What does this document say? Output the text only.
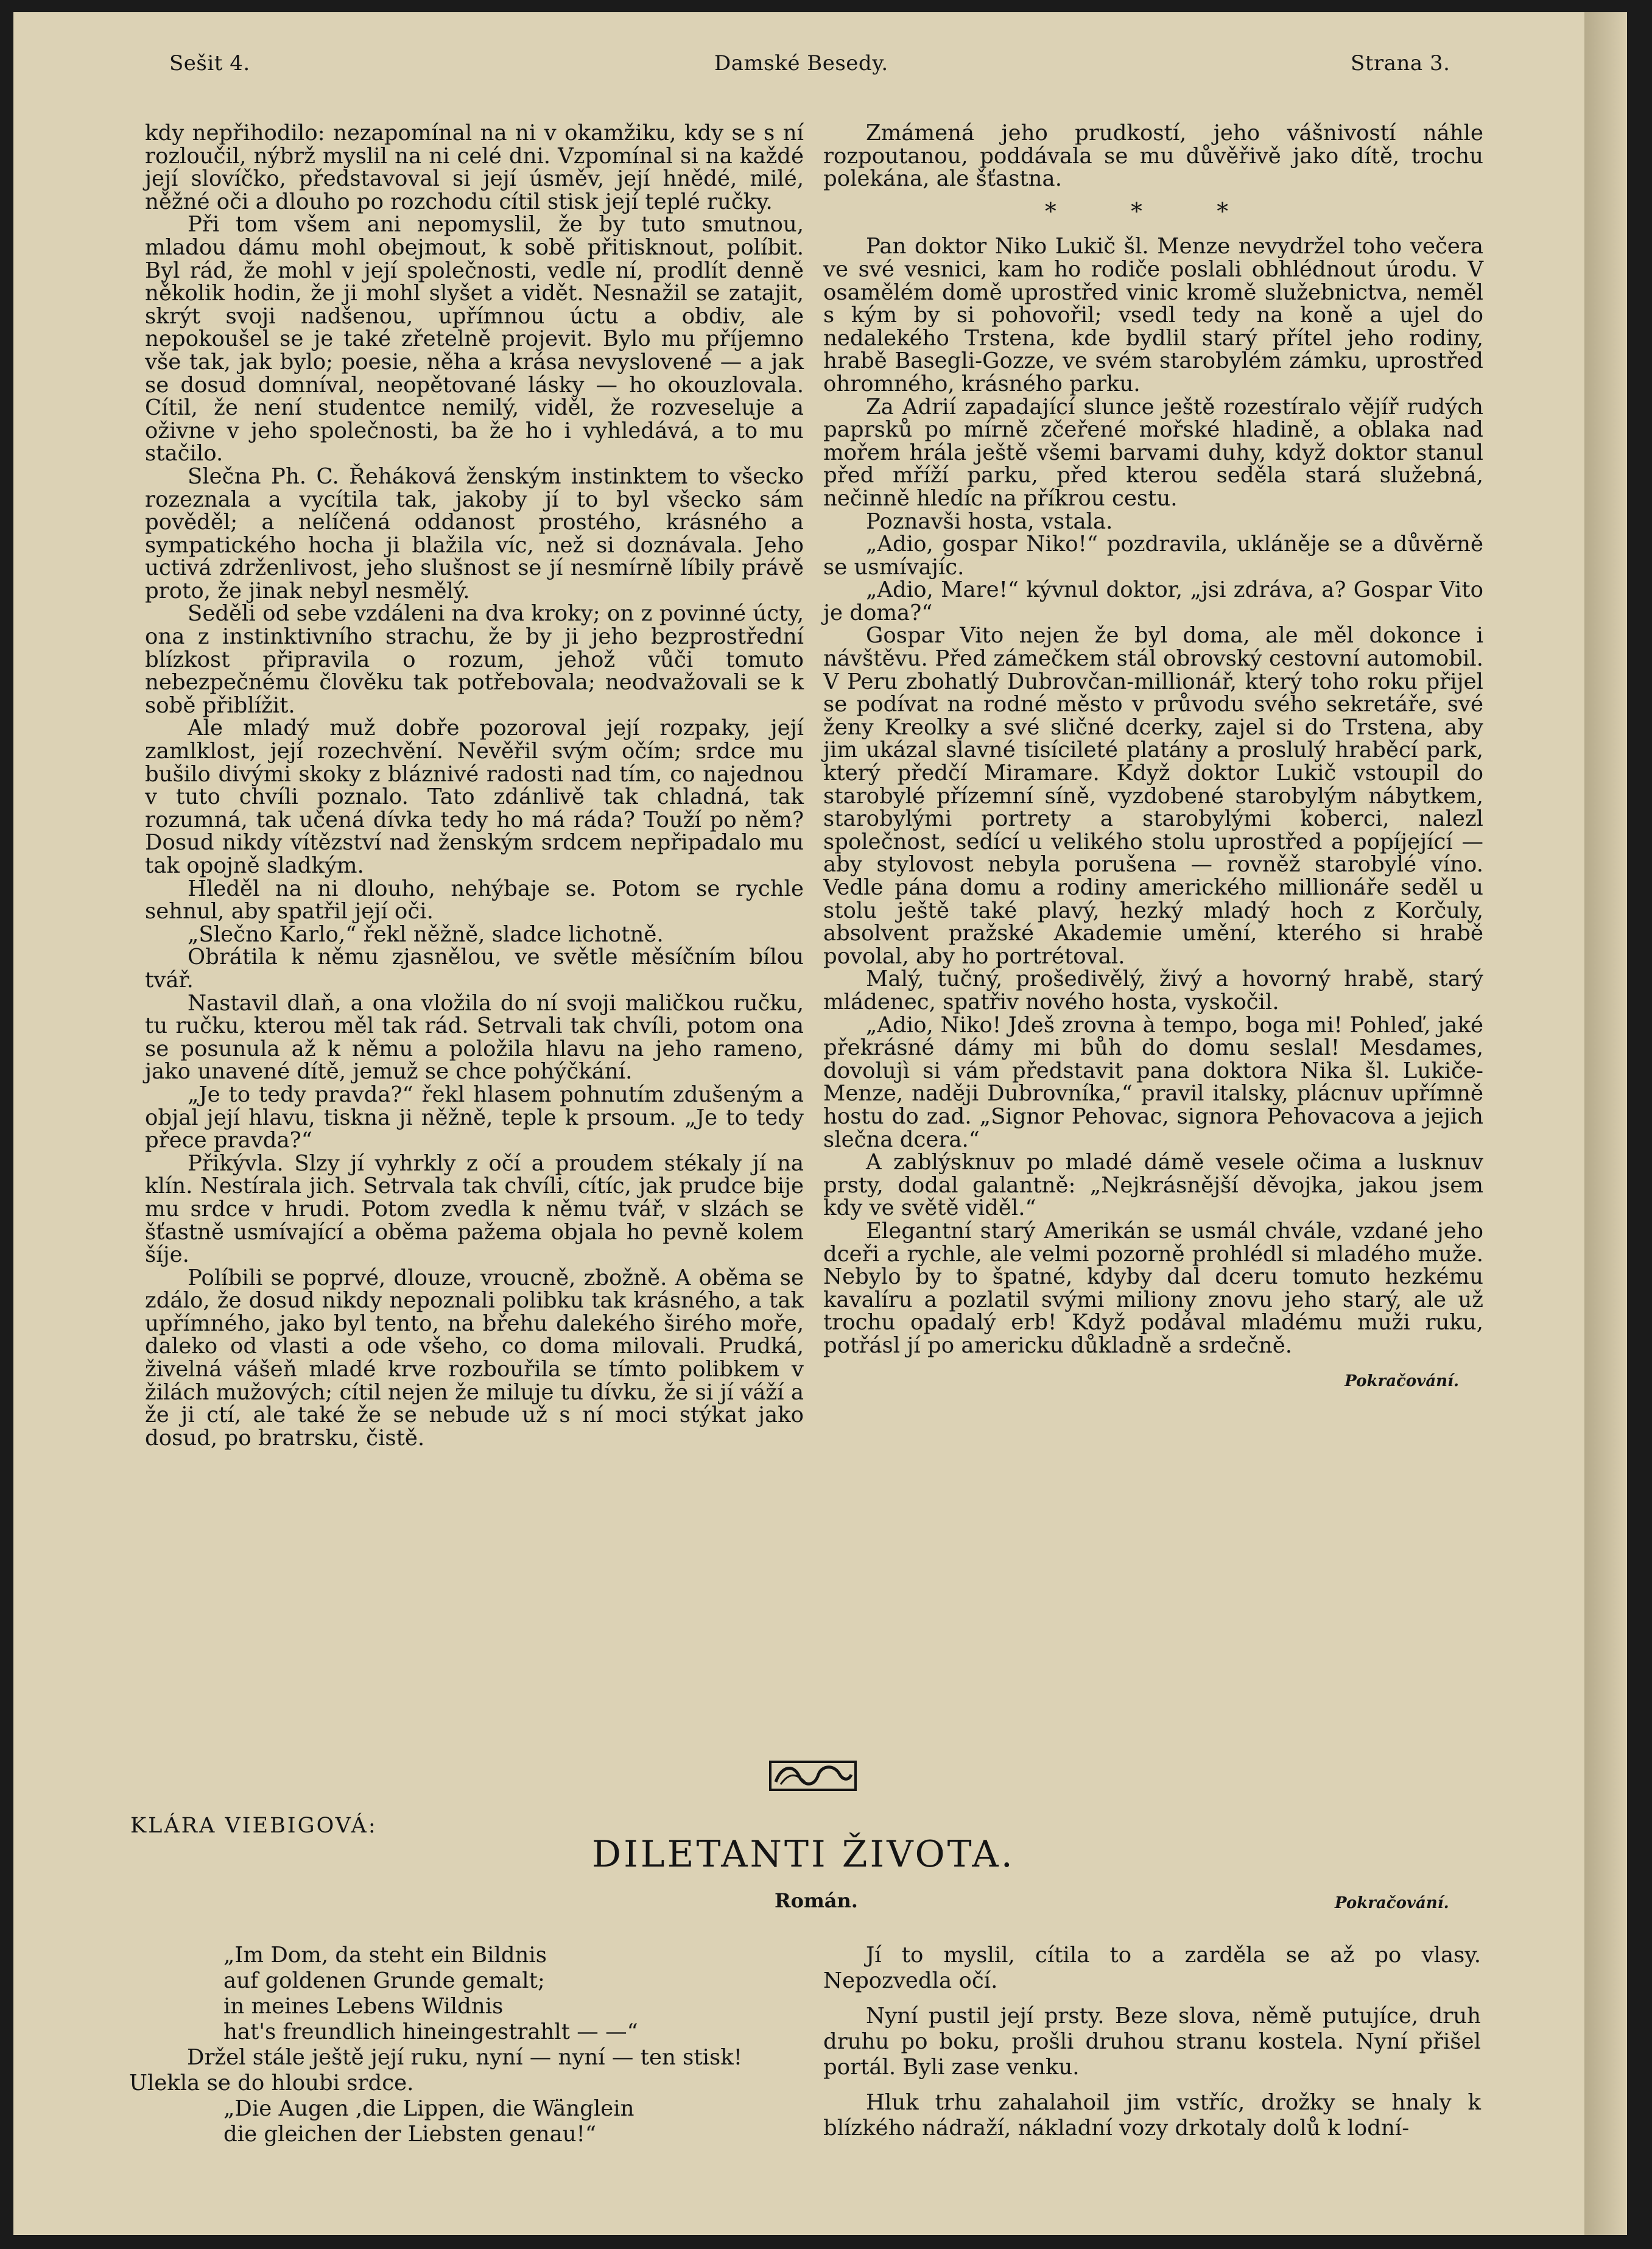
Sešit 4.	Damské Besedy.	Strana 3.

kdy nepřihodilo: nezapomínal na ni v okamžiku, kdy se s ní rozloučil, nýbrž myslil na ni celé dni. Vzpomínal si na každé její slovíčko, představoval si její úsměv, její hnědé, milé, něžné oči a dlouho po rozchodu cítil stisk její teplé ručky.

Při tom všem ani nepomyslil, že by tuto smutnou, mladou dámu mohl obejmout, k sobě přitisknout, políbit. Byl rád, že mohl v její společnosti, vedle ní, prodlít denně několik hodin, že ji mohl slyšet a vidět. Nesnažil se zatajit, skrýt svoji nadšenou, upřímnou úctu a obdiv, ale nepokoušel se je také zřetelně projevit. Bylo mu příjemno vše tak, jak bylo; poesie, něha a krása nevyslovené — a jak se dosud domníval, neopětované lásky — ho okouzlovala. Cítil, že není studentce nemilý, viděl, že rozveseluje a oživne v jeho společnosti, ba že ho i vyhledává, a to mu stačilo.

Slečna Ph. C. Řeháková ženským instinktem to všecko rozeznala a vycítila tak, jakoby jí to byl všecko sám pověděl; a nelíčená oddanost prostého, krásného a sympatického hocha ji blažila víc, než si doznávala. Jeho uctivá zdrženlivost, jeho slušnost se jí nesmírně líbily právě proto, že jinak nebyl nesmělý.

Seděli od sebe vzdáleni na dva kroky; on z povinné úcty, ona z instinktivního strachu, že by ji jeho bezprostřední blízkost připravila o rozum, jehož vůči tomuto nebezpečnému člověku tak potřebovala; neodvažovali se k sobě přiblížit.

Ale mladý muž dobře pozoroval její rozpaky, její zamlklost, její rozechvění. Nevěřil svým očím; srdce mu bušilo divými skoky z bláznivé radosti nad tím, co najednou v tuto chvíli poznalo. Tato zdánlivě tak chladná, tak rozumná, tak učená dívka tedy ho má ráda? Touží po něm? Dosud nikdy vítězství nad ženským srdcem nepřipadalo mu tak opojně sladkým.

Hleděl na ni dlouho, nehýbaje se. Potom se rychle sehnul, aby spatřil její oči.

„Slečno Karlo,“ řekl něžně, sladce lichotně.

Obrátila k němu zjasnělou, ve světle měsíčním bílou tvář.

Nastavil dlaň, a ona vložila do ní svoji maličkou ručku, tu ručku, kterou měl tak rád. Setrvali tak chvíli, potom ona se posunula až k němu a položila hlavu na jeho rameno, jako unavené dítě, jemuž se chce pohýčkání.

„Je to tedy pravda?“ řekl hlasem pohnutím zdušeným a objal její hlavu, tiskna ji něžně, teple k prsoum. „Je to tedy přece pravda?“

Přikývla. Slzy jí vyhrkly z očí a proudem stékaly jí na klín. Nestírala jich. Setrvala tak chvíli, cítíc, jak prudce bije mu srdce v hrudi. Potom zvedla k němu tvář, v slzách se šťastně usmívající a oběma pažema objala ho pevně kolem šíje.

Políbili se poprvé, dlouze, vroucně, zbožně. A oběma se zdálo, že dosud nikdy nepoznali polibku tak krásného, a tak upřímného, jako byl tento, na břehu dalekého širého moře, daleko od vlasti a ode všeho, co doma milovali. Prudká, živelná vášeň mladé krve rozbouřila se tímto polibkem v žilách mužových; cítil nejen že miluje tu dívku, že si jí váží a že ji ctí, ale také že se nebude už s ní moci stýkat jako dosud, po bratrsku, čistě.

Zmámená jeho prudkostí, jeho vášnivostí náhle rozpoutanou, poddávala se mu důvěřivě jako dítě, trochu polekána, ale šťastna.

* * *

Pan doktor Niko Lukič šl. Menze nevydržel toho večera ve své vesnici, kam ho rodiče poslali obhlédnout úrodu. V osamělém domě uprostřed vinic kromě služebnictva, neměl s kým by si pohovořil; vsedl tedy na koně a ujel do nedalekého Trstena, kde bydlil starý přítel jeho rodiny, hrabě Basegli-Gozze, ve svém starobylém zámku, uprostřed ohromného, krásného parku.

Za Adrií zapadající slunce ještě rozestíralo vějíř rudých paprsků po mírně zčeřené mořské hladině, a oblaka nad mořem hrála ještě všemi barvami duhy, když doktor stanul před mříží parku, před kterou seděla stará služebná, nečinně hledíc na příkrou cestu.

Poznavši hosta, vstala.

„Adio, gospar Niko!“ pozdravila, ukláněje se a důvěrně se usmívajíc.

„Adio, Mare!“ kývnul doktor, „jsi zdráva, a? Gospar Vito je doma?“

Gospar Vito nejen že byl doma, ale měl dokonce i návštěvu. Před zámečkem stál obrovský cestovní automobil. V Peru zbohatlý Dubrovčan-millionář, který toho roku přijel se podívat na rodné město v průvodu svého sekretáře, své ženy Kreolky a své sličné dcerky, zajel si do Trstena, aby jim ukázal slavné tisícileté platány a proslulý hraběcí park, který předčí Miramare. Když doktor Lukič vstoupil do starobylé přízemní síně, vyzdobené starobylým nábytkem, starobylými portrety a starobylými koberci, nalezl společnost, sedící u velikého stolu uprostřed a popíjející — aby stylovost nebyla porušena — rovněž starobylé víno. Vedle pána domu a rodiny amerického millionáře seděl u stolu ještě také plavý, hezký mladý hoch z Korčuly, absolvent pražské Akademie umění, kterého si hrabě povolal, aby ho portrétoval.

Malý, tučný, prošedivělý, živý a hovorný hrabě, starý mládenec, spatřiv nového hosta, vyskočil.

„Adio, Niko! Jdeš zrovna à tempo, boga mi! Pohleď, jaké překrásné dámy mi bůh do domu seslal! Mesdames, dovolujì si vám představit pana doktora Nika šl. Lukiče-Menze, naději Dubrovníka,“ pravil italsky, plácnuv upřímně hostu do zad. „Signor Pehovac, signora Pehovacova a jejich slečna dcera.“

A zablýsknuv po mladé dámě vesele očima a lusknuv prsty, dodal galantně: „Nejkrásnější děvojka, jakou jsem kdy ve světě viděl.“

Elegantní starý Amerikán se usmál chvále, vzdané jeho dceři a rychle, ale velmi pozorně prohlédl si mladého muže. Nebylo by to špatné, kdyby dal dceru tomuto hezkému kavalíru a pozlatil svými miliony znovu jeho starý, ale už trochu opadalý erb! Když podával mladému muži ruku, potřásl jí po americku důkladně a srdečně.

Pokračování.
KLÁRA VIEBIGOVÁ:
DILETANTI ŽIVOTA.
Román.	Pokračování.
„Im Dom, da steht ein Bildnis
auf goldenen Grunde gemalt;
in meines Lebens Wildnis
hat's freundlich hineingestrahlt — —“
Držel stále ještě její ruku, nyní — nyní — ten stisk!
Ulekla se do hloubi srdce.
„Die Augen ,die Lippen, die Wänglein
die gleichen der Liebsten genau!“

Jí to myslil, cítila to a zarděla se až po vlasy. Nepozvedla očí.

Nyní pustil její prsty. Beze slova, němě putujíce, druh druhu po boku, prošli druhou stranu kostela. Nyní přišel portál. Byli zase venku.

Hluk trhu zahalahoil jim vstříc, drožky se hnaly k blízkého nádraží, nákladní vozy drkotaly dolů k lodní-
